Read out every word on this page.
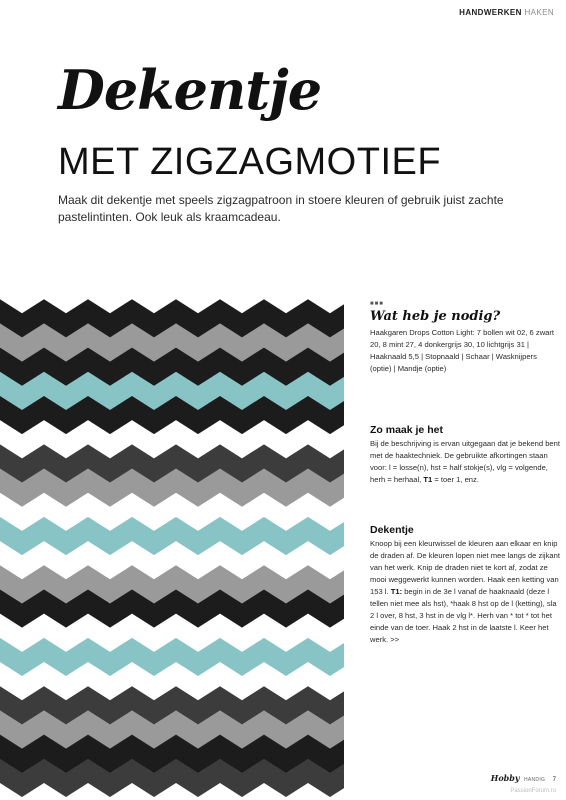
HANDWERKEN HAKEN
Dekentje
MET ZIGZAGMOTIEF
Maak dit dekentje met speels zigzagpatroon in stoere kleuren of gebruik juist zachte pastelintinten. Ook leuk als kraamcadeau.
■■■
Wat heb je nodig?
Haakgaren Drops Cotton Light: 7 bollen wit 02, 6 zwart 20, 8 mint 27, 4 donkergrijs 30, 10 lichtgrijs 31 | Haaknaald 5,5 | Stopnaald | Schaar | Wasknijpers (optie) | Mandje (optie)
Zo maak je het
Bij de beschrijving is ervan uitgegaan dat je bekend bent met de haaktechniek. De gebruikte afkortingen staan voor: l = losse(n), hst = half stokje(s), vlg = volgende, herh = herhaal, T1 = toer 1, enz.
Dekentje
Knoop bij een kleurwissel de kleuren aan elkaar en knip de draden af. De kleuren lopen niet mee langs de zijkant van het werk. Knip de draden niet te kort af, zodat ze mooi weggewerkt kunnen worden. Haak een ketting van 153 l. T1: begin in de 3e l vanaf de haaknaald (deze l tellen niet mee als hst), *haak 8 hst op de l (ketting), sla 2 l over, 8 hst, 3 hst in de vlg l*. Herh van * tot * tot het einde van de toer. Haak 2 hst in de laatste l. Keer het werk. >>
Hobby HANDIG 7
PassionForum.ru
